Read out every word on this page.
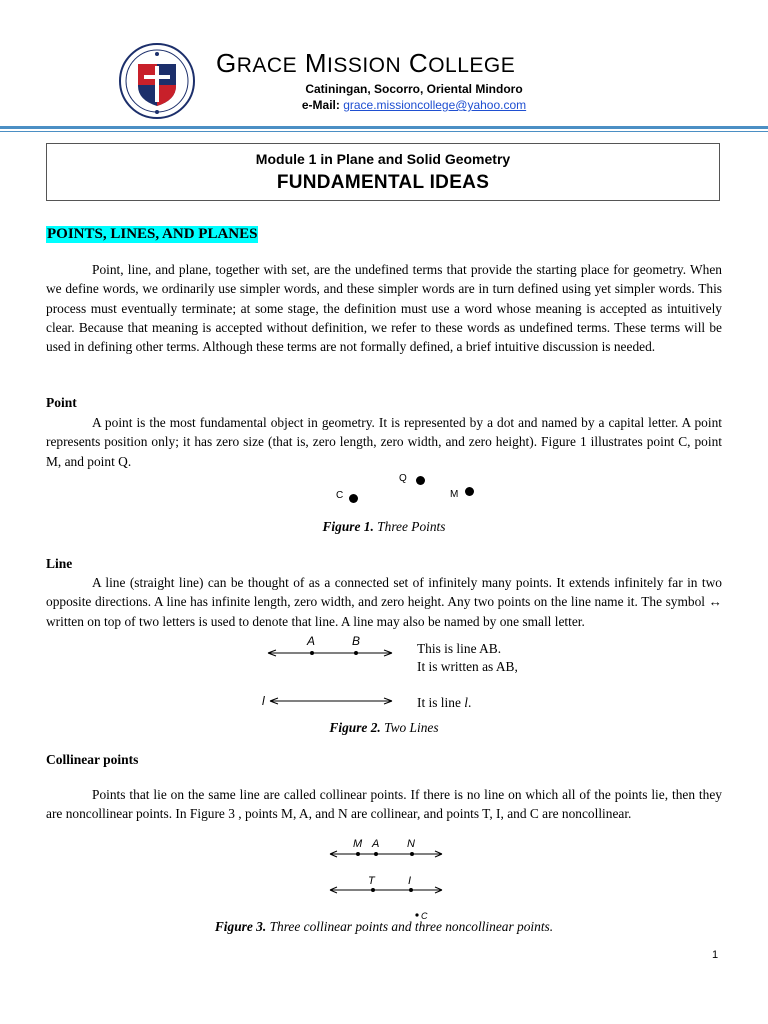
GRACE MISSION COLLEGE
Catiningan, Socorro, Oriental Mindoro
e-Mail: grace.missioncollege@yahoo.com
Module 1 in Plane and Solid Geometry
FUNDAMENTAL IDEAS
POINTS, LINES, AND PLANES
Point, line, and plane, together with set, are the undefined terms that provide the starting place for geometry. When we define words, we ordinarily use simpler words, and these simpler words are in turn defined using yet simpler words. This process must eventually terminate; at some stage, the definition must use a word whose meaning is accepted as intuitively clear. Because that meaning is accepted without definition, we refer to these words as undefined terms. These terms will be used in defining other terms. Although these terms are not formally defined, a brief intuitive discussion is needed.
Point
A point is the most fundamental object in geometry. It is represented by a dot and named by a capital letter. A point represents position only; it has zero size (that is, zero length, zero width, and zero height). Figure 1 illustrates point C, point M, and point Q.
Q
C	M
Figure 1. Three Points
Line
A line (straight line) can be thought of as a connected set of infinitely many points. It extends infinitely far in two opposite directions. A line has infinite length, zero width, and zero height. Any two points on the line name it. The symbol ↔ written on top of two letters is used to denote that line. A line may also be named by one small letter.
A	B
l
This is line AB.
It is written as AB,
It is line l.
Figure 2. Two Lines
Collinear points
Points that lie on the same line are called collinear points. If there is no line on which all of the points lie, then they are noncollinear points. In Figure 3 , points M, A, and N are collinear, and points T, I, and C are noncollinear.
M A	N
T	I
C
Figure 3. Three collinear points and three noncollinear points.
1
